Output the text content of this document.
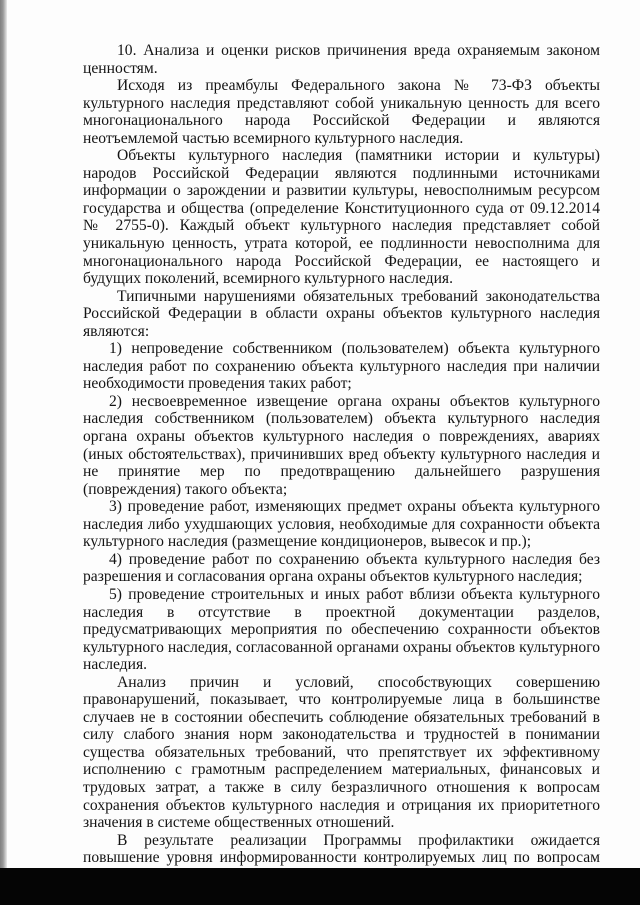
10. Анализа и оценки рисков причинения вреда охраняемым законом ценностям.

Исходя из преамбулы Федерального закона № 73-ФЗ объекты культурного наследия представляют собой уникальную ценность для всего многонационального народа Российской Федерации и являются неотъемлемой частью всемирного культурного наследия.

Объекты культурного наследия (памятники истории и культуры) народов Российской Федерации являются подлинными источниками информации о зарождении и развитии культуры, невосполнимым ресурсом государства и общества (определение Конституционного суда от 09.12.2014 № 2755-0). Каждый объект культурного наследия представляет собой уникальную ценность, утрата которой, ее подлинности невосполнима для многонационального народа Российской Федерации, ее настоящего и будущих поколений, всемирного культурного наследия.

Типичными нарушениями обязательных требований законодательства Российской Федерации в области охраны объектов культурного наследия являются:

1) непроведение собственником (пользователем) объекта культурного наследия работ по сохранению объекта культурного наследия при наличии необходимости проведения таких работ;

2) несвоевременное извещение органа охраны объектов культурного наследия собственником (пользователем) объекта культурного наследия органа охраны объектов культурного наследия о повреждениях, авариях (иных обстоятельствах), причинивших вред объекту культурного наследия и не принятие мер по предотвращению дальнейшего разрушения (повреждения) такого объекта;

3) проведение работ, изменяющих предмет охраны объекта культурного наследия либо ухудшающих условия, необходимые для сохранности объекта культурного наследия (размещение кондиционеров, вывесок и пр.);

4) проведение работ по сохранению объекта культурного наследия без разрешения и согласования органа охраны объектов культурного наследия;

5) проведение строительных и иных работ вблизи объекта культурного наследия в отсутствие в проектной документации разделов, предусматривающих мероприятия по обеспечению сохранности объектов культурного наследия, согласованной органами охраны объектов культурного наследия.

Анализ причин и условий, способствующих совершению правонарушений, показывает, что контролируемые лица в большинстве случаев не в состоянии обеспечить соблюдение обязательных требований в силу слабого знания норм законодательства и трудностей в понимании существа обязательных требований, что препятствует их эффективному исполнению с грамотным распределением материальных, финансовых и трудовых затрат, а также в силу безразличного отношения к вопросам сохранения объектов культурного наследия и отрицания их приоритетного значения в системе общественных отношений.

В результате реализации Программы профилактики ожидается повышение уровня информированности контролируемых лиц по вопросам
